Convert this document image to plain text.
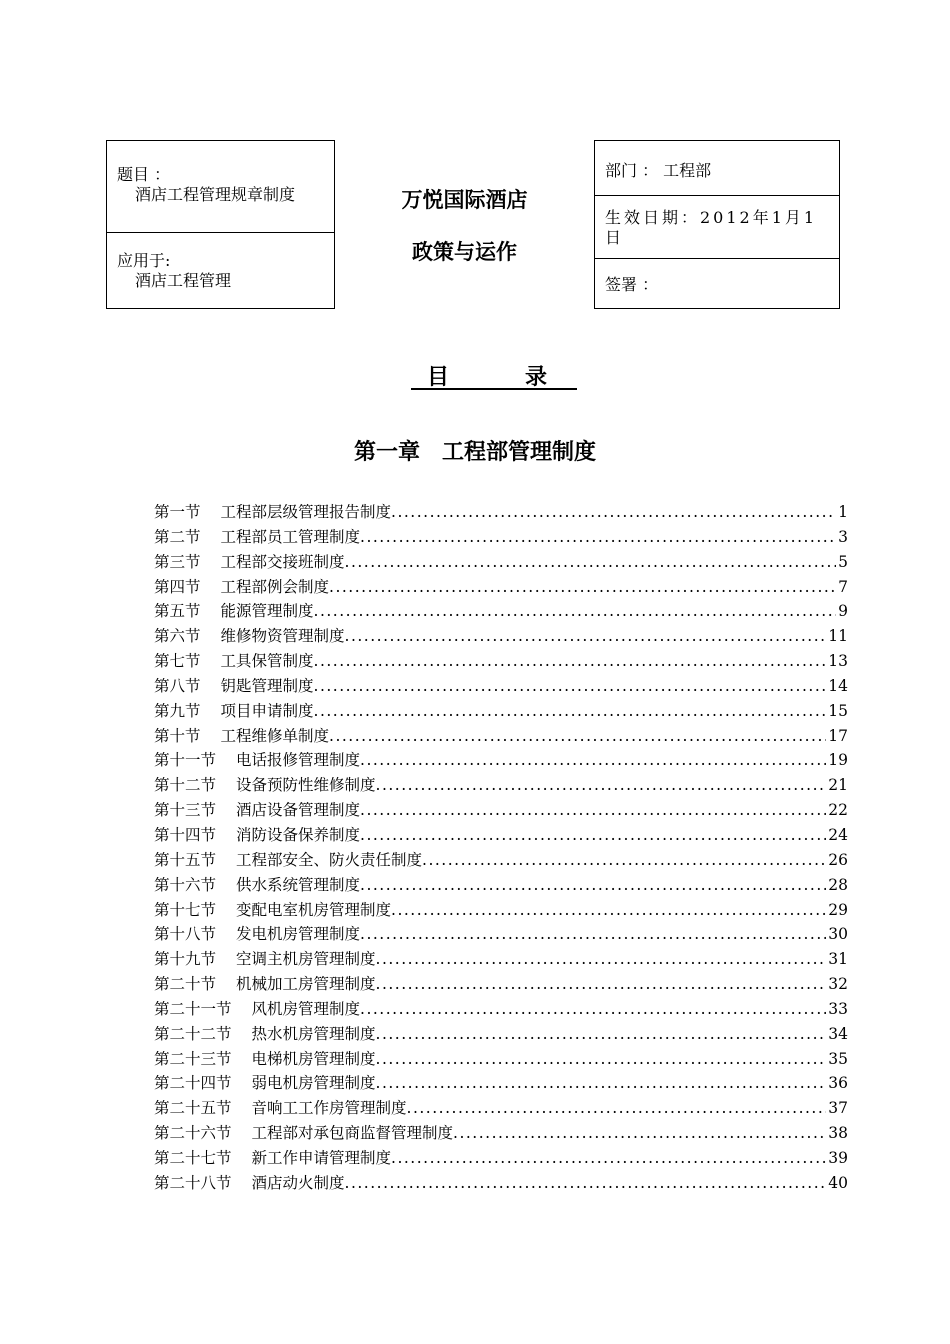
题目 ：
酒店工程管理规章制度
应用于:
酒店工程管理
万悦国际酒店
政策与运作
部门 ： 工程部
生效日期：2012年1月1日
签署 ：
目	录
第一章　工程部管理制度
第一节 工程部层级管理报告制度 .....	1
第二节 工程部员工管理制度 .....	3
第三节 工程部交接班制度 .....	5
第四节 工程部例会制度 .....	7
第五节 能源管理制度 .....	9
第六节 维修物资管理制度 .....	11
第七节 工具保管制度 .....	13
第八节 钥匙管理制度 .....	14
第九节 项目申请制度 .....	15
第十节 工程维修单制度 .....	17
第十一节 电话报修管理制度 .....	19
第十二节 设备预防性维修制度 .....	21
第十三节 酒店设备管理制度 .....	22
第十四节 消防设备保养制度 .....	24
第十五节 工程部安全、防火责任制度 .....	26
第十六节 供水系统管理制度 .....	28
第十七节 变配电室机房管理制度 .....	29
第十八节 发电机房管理制度 .....	30
第十九节 空调主机房管理制度 .....	31
第二十节 机械加工房管理制度 .....	32
第二十一节 风机房管理制度 .....	33
第二十二节 热水机房管理制度 .....	34
第二十三节 电梯机房管理制度 .....	35
第二十四节 弱电机房管理制度 .....	36
第二十五节 音响工工作房管理制度 .....	37
第二十六节 工程部对承包商监督管理制度 .....	38
第二十七节 新工作申请管理制度 .....	39
第二十八节 酒店动火制度 .....	40
